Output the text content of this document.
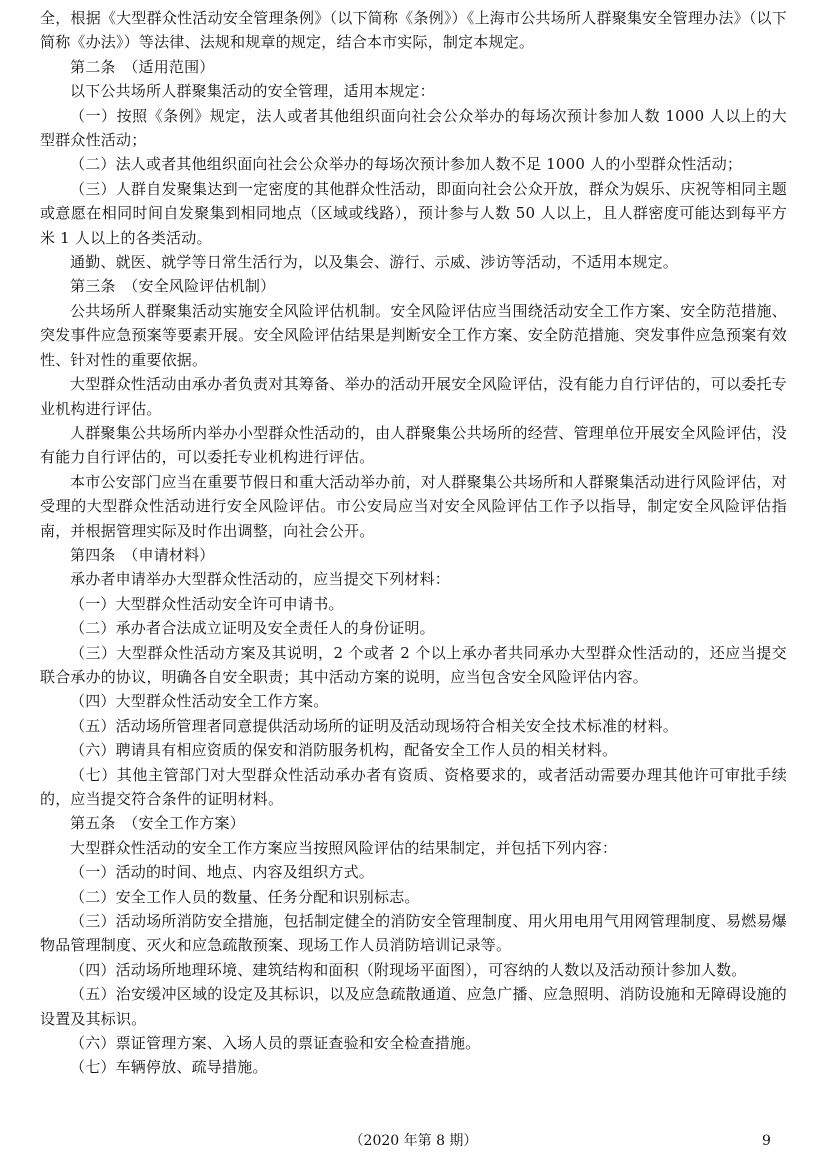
全，根据《大型群众性活动安全管理条例》（以下简称《条例》）《上海市公共场所人群聚集安全管理办法》（以下简称《办法》）等法律、法规和规章的规定，结合本市实际，制定本规定。

第二条　（适用范围）

以下公共场所人群聚集活动的安全管理，适用本规定：

（一）按照《条例》规定，法人或者其他组织面向社会公众举办的每场次预计参加人数 1000 人以上的大型群众性活动；

（二）法人或者其他组织面向社会公众举办的每场次预计参加人数不足 1000 人的小型群众性活动；

（三）人群自发聚集达到一定密度的其他群众性活动，即面向社会公众开放，群众为娱乐、庆祝等相同主题或意愿在相同时间自发聚集到相同地点（区域或线路），预计参与人数 50 人以上，且人群密度可能达到每平方米 1 人以上的各类活动。

通勤、就医、就学等日常生活行为，以及集会、游行、示威、涉访等活动，不适用本规定。

第三条　（安全风险评估机制）

公共场所人群聚集活动实施安全风险评估机制。安全风险评估应当围绕活动安全工作方案、安全防范措施、突发事件应急预案等要素开展。安全风险评估结果是判断安全工作方案、安全防范措施、突发事件应急预案有效性、针对性的重要依据。

大型群众性活动由承办者负责对其筹备、举办的活动开展安全风险评估，没有能力自行评估的，可以委托专业机构进行评估。

人群聚集公共场所内举办小型群众性活动的，由人群聚集公共场所的经营、管理单位开展安全风险评估，没有能力自行评估的，可以委托专业机构进行评估。

本市公安部门应当在重要节假日和重大活动举办前，对人群聚集公共场所和人群聚集活动进行风险评估，对受理的大型群众性活动进行安全风险评估。市公安局应当对安全风险评估工作予以指导，制定安全风险评估指南，并根据管理实际及时作出调整，向社会公开。

第四条　（申请材料）

承办者申请举办大型群众性活动的，应当提交下列材料：

（一）大型群众性活动安全许可申请书。

（二）承办者合法成立证明及安全责任人的身份证明。

（三）大型群众性活动方案及其说明，2 个或者 2 个以上承办者共同承办大型群众性活动的，还应当提交联合承办的协议，明确各自安全职责；其中活动方案的说明，应当包含安全风险评估内容。

（四）大型群众性活动安全工作方案。

（五）活动场所管理者同意提供活动场所的证明及活动现场符合相关安全技术标准的材料。

（六）聘请具有相应资质的保安和消防服务机构，配备安全工作人员的相关材料。

（七）其他主管部门对大型群众性活动承办者有资质、资格要求的，或者活动需要办理其他许可审批手续的，应当提交符合条件的证明材料。

第五条　（安全工作方案）

大型群众性活动的安全工作方案应当按照风险评估的结果制定，并包括下列内容：

（一）活动的时间、地点、内容及组织方式。

（二）安全工作人员的数量、任务分配和识别标志。

（三）活动场所消防安全措施，包括制定健全的消防安全管理制度、用火用电用气用网管理制度、易燃易爆物品管理制度、灭火和应急疏散预案、现场工作人员消防培训记录等。

（四）活动场所地理环境、建筑结构和面积（附现场平面图），可容纳的人数以及活动预计参加人数。

（五）治安缓冲区域的设定及其标识，以及应急疏散通道、应急广播、应急照明、消防设施和无障碍设施的设置及其标识。

（六）票证管理方案、入场人员的票证查验和安全检查措施。

（七）车辆停放、疏导措施。

（2020 年第 8 期）	9
